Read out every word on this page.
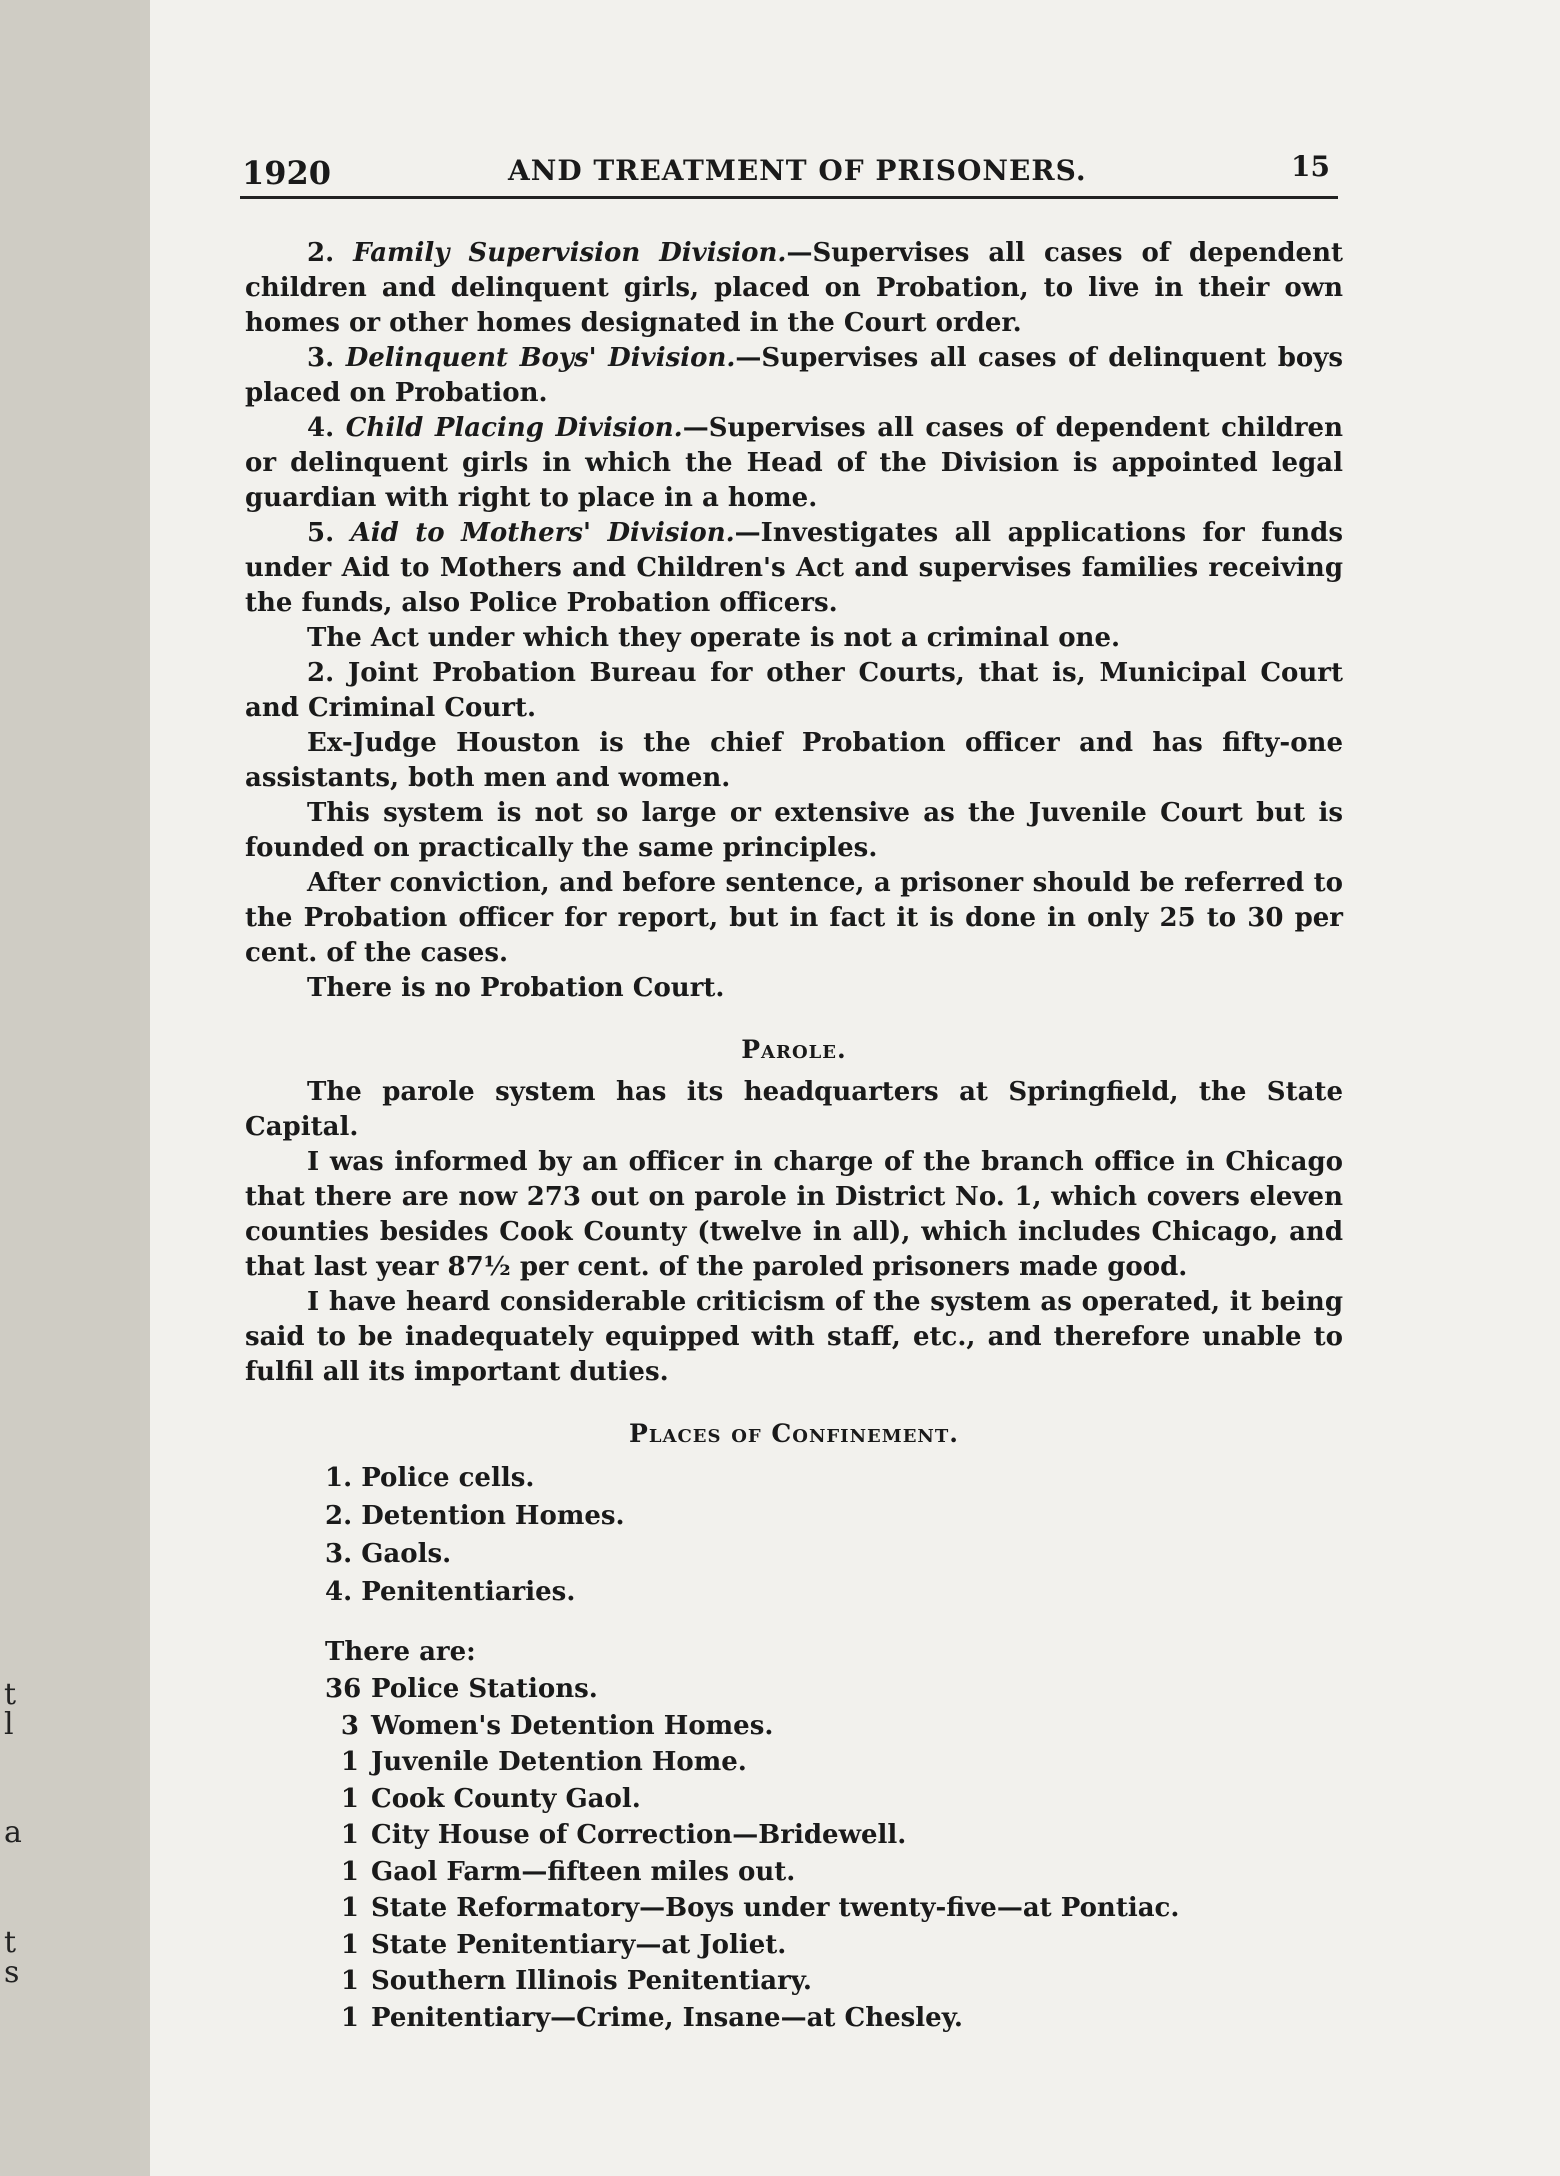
t
l
a
t
s
1920	AND TREATMENT OF PRISONERS.	15

2. Family Supervision Division.—Supervises all cases of dependent children and delinquent girls, placed on Probation, to live in their own homes or other homes designated in the Court order.

3. Delinquent Boys' Division.—Supervises all cases of delinquent boys placed on Probation.

4. Child Placing Division.—Supervises all cases of dependent children or delinquent girls in which the Head of the Division is appointed legal guardian with right to place in a home.

5. Aid to Mothers' Division.—Investigates all applications for funds under Aid to Mothers and Children's Act and supervises families receiving the funds, also Police Probation officers.

The Act under which they operate is not a criminal one.

2. Joint Probation Bureau for other Courts, that is, Municipal Court and Criminal Court.

Ex-Judge Houston is the chief Probation officer and has fifty-one assistants, both men and women.

This system is not so large or extensive as the Juvenile Court but is founded on practically the same principles.

After conviction, and before sentence, a prisoner should be referred to the Probation officer for report, but in fact it is done in only 25 to 30 per cent. of the cases.

There is no Probation Court.

Parole.

The parole system has its headquarters at Springfield, the State Capital.

I was informed by an officer in charge of the branch office in Chicago that there are now 273 out on parole in District No. 1, which covers eleven counties besides Cook County (twelve in all), which includes Chicago, and that last year 87½ per cent. of the paroled prisoners made good.

I have heard considerable criticism of the system as operated, it being said to be inadequately equipped with staff, etc., and therefore unable to fulfil all its important duties.

Places of Confinement.
1. Police cells.
2. Detention Homes.
3. Gaols.
4. Penitentiaries.
There are:
36 Police Stations.
3 Women's Detention Homes.
1 Juvenile Detention Home.
1 Cook County Gaol.
1 City House of Correction—Bridewell.
1 Gaol Farm—fifteen miles out.
1 State Reformatory—Boys under twenty-five—at Pontiac.
1 State Penitentiary—at Joliet.
1 Southern Illinois Penitentiary.
1 Penitentiary—Crime, Insane—at Chesley.
